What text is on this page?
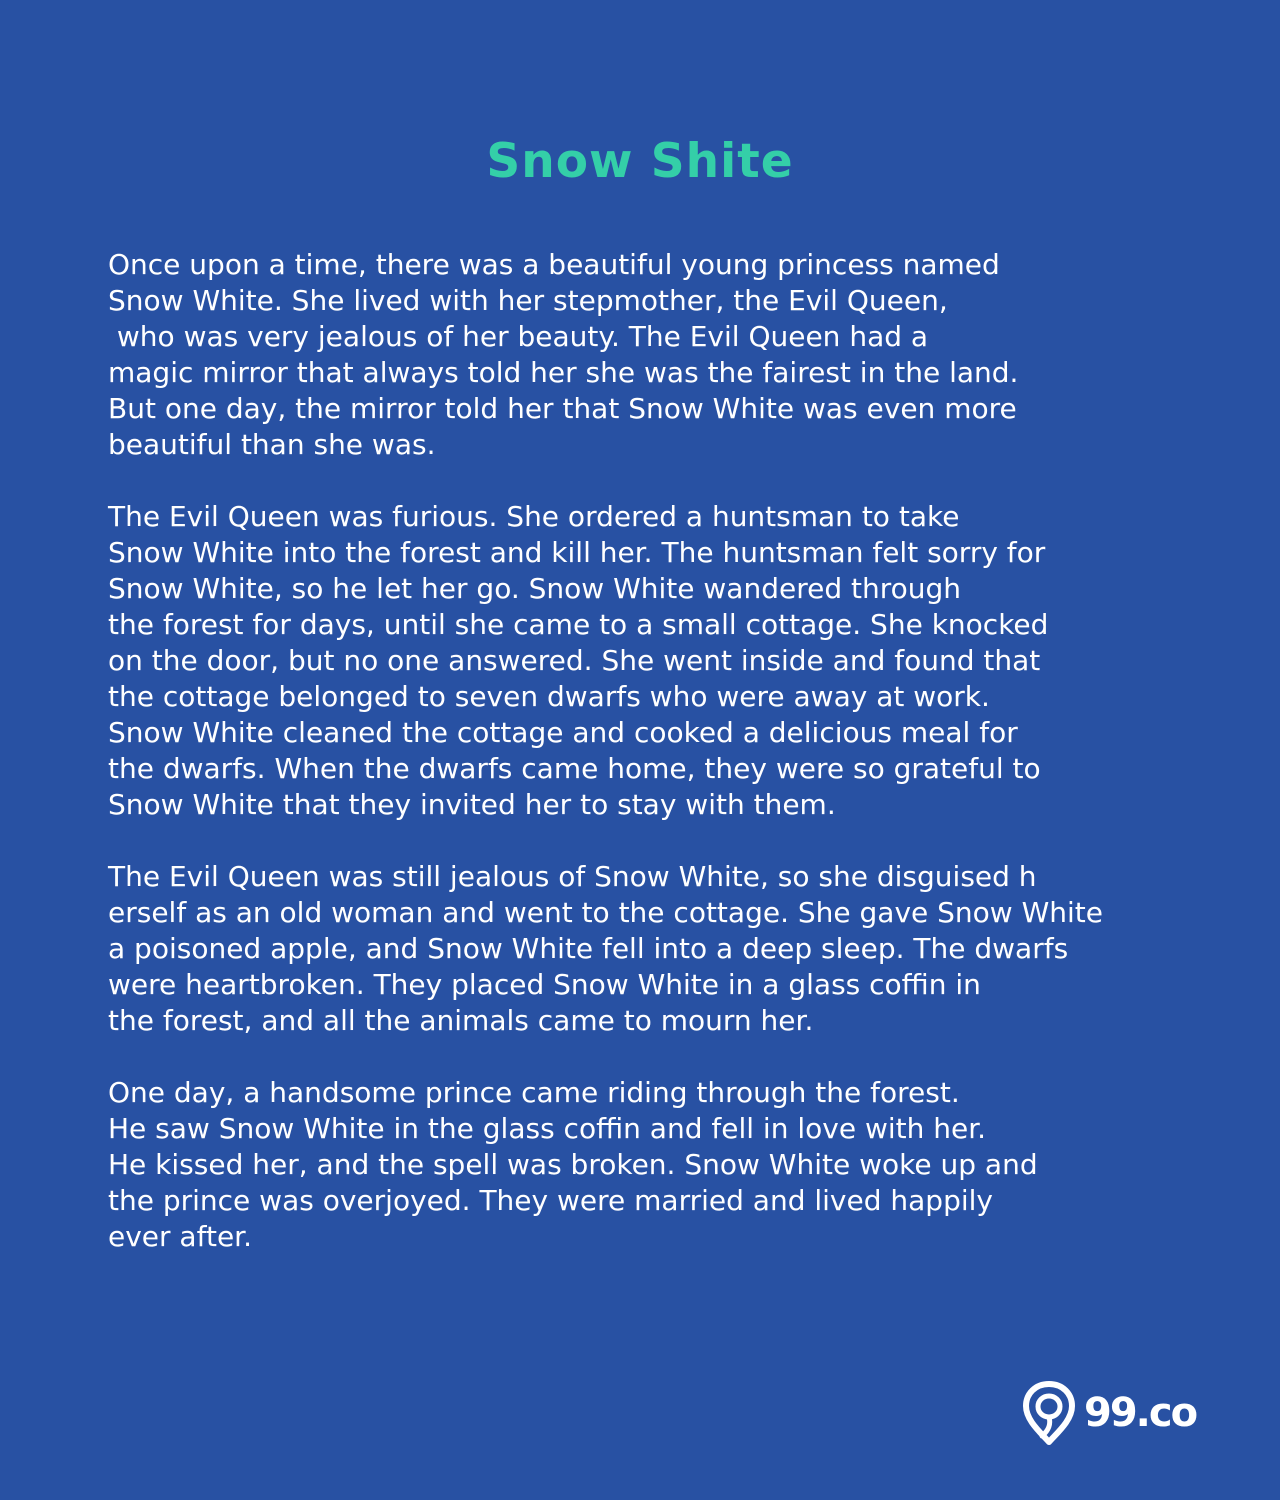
Snow Shite

Once upon a time, there was a beautiful young princess named
Snow White. She lived with her stepmother, the Evil Queen,
who was very jealous of her beauty. The Evil Queen had a
magic mirror that always told her she was the fairest in the land.
But one day, the mirror told her that Snow White was even more
beautiful than she was.

The Evil Queen was furious. She ordered a huntsman to take
Snow White into the forest and kill her. The huntsman felt sorry for
Snow White, so he let her go. Snow White wandered through
the forest for days, until she came to a small cottage. She knocked
on the door, but no one answered. She went inside and found that
the cottage belonged to seven dwarfs who were away at work.
Snow White cleaned the cottage and cooked a delicious meal for
the dwarfs. When the dwarfs came home, they were so grateful to
Snow White that they invited her to stay with them.

The Evil Queen was still jealous of Snow White, so she disguised h
erself as an old woman and went to the cottage. She gave Snow White
a poisoned apple, and Snow White fell into a deep sleep. The dwarfs
were heartbroken. They placed Snow White in a glass coffin in
the forest, and all the animals came to mourn her.

One day, a handsome prince came riding through the forest.
He saw Snow White in the glass coffin and fell in love with her.
He kissed her, and the spell was broken. Snow White woke up and
the prince was overjoyed. They were married and lived happily
ever after.

99.co
